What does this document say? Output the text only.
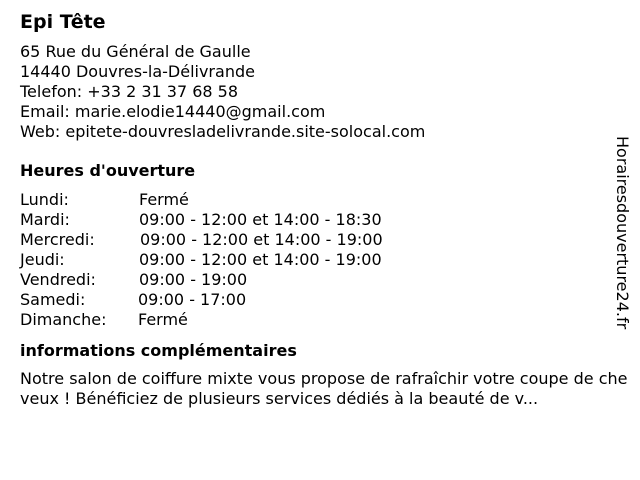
Epi Tête
65 Rue du Général de Gaulle
14440 Douvres-la-Délivrande
Telefon: +33 2 31 37 68 58
Email: marie.elodie14440@gmail.com
Web: epitete-douvresladelivrande.site-solocal.com
Heures d'ouverture
Lundi:	Fermé
Mardi:	09:00 - 12:00 et 14:00 - 18:30
Mercredi:	09:00 - 12:00 et 14:00 - 19:00
Jeudi:	09:00 - 12:00 et 14:00 - 19:00
Vendredi:	09:00 - 19:00
Samedi:	09:00 - 17:00
Dimanche: Fermé
informations complémentaires
Notre salon de coiffure mixte vous propose de rafraîchir votre coupe de cheveux ! Bénéficiez de plusieurs services dédiés à la beauté de v...
Horairesdouverture24.fr
